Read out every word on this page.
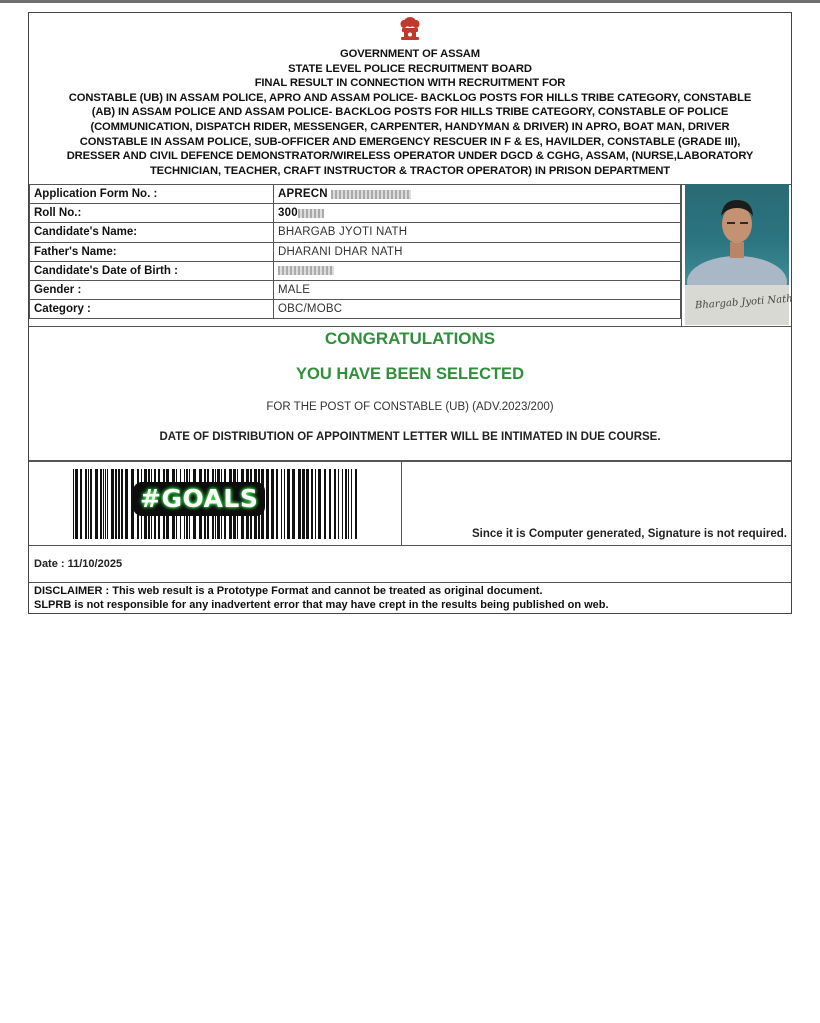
GOVERNMENT OF ASSAM
STATE LEVEL POLICE RECRUITMENT BOARD
FINAL RESULT IN CONNECTION WITH RECRUITMENT FOR
CONSTABLE (UB) IN ASSAM POLICE, APRO AND ASSAM POLICE- BACKLOG POSTS FOR HILLS TRIBE CATEGORY, CONSTABLE
(AB) IN ASSAM POLICE AND ASSAM POLICE- BACKLOG POSTS FOR HILLS TRIBE CATEGORY, CONSTABLE OF POLICE
(COMMUNICATION, DISPATCH RIDER, MESSENGER, CARPENTER, HANDYMAN & DRIVER) IN APRO, BOAT MAN, DRIVER
CONSTABLE IN ASSAM POLICE, SUB-OFFICER AND EMERGENCY RESCUER IN F & ES, HAVILDER, CONSTABLE (GRADE III),
DRESSER AND CIVIL DEFENCE DEMONSTRATOR/WIRELESS OPERATOR UNDER DGCD & CGHG, ASSAM, (NURSE,LABORATORY
TECHNICIAN, TEACHER, CRAFT INSTRUCTOR & TRACTOR OPERATOR) IN PRISON DEPARTMENT
Application Form No. :	APRECN
Roll No.:	300
Candidate's Name:	BHARGAB JYOTI NATH
Father's Name:	DHARANI DHAR NATH
Candidate's Date of Birth :	
Gender :	MALE
Category :	OBC/MOBC	Bhargab Jyoti Nath
CONGRATULATIONS
YOU HAVE BEEN SELECTED
FOR THE POST OF CONSTABLE (UB) (ADV.2023/200)
DATE OF DISTRIBUTION OF APPOINTMENT LETTER WILL BE INTIMATED IN DUE COURSE.
#GOALS
Since it is Computer generated, Signature is not required.
Date : 11/10/2025
DISCLAIMER : This web result is a Prototype Format and cannot be treated as original document.
SLPRB is not responsible for any inadvertent error that may have crept in the results being published on web.
